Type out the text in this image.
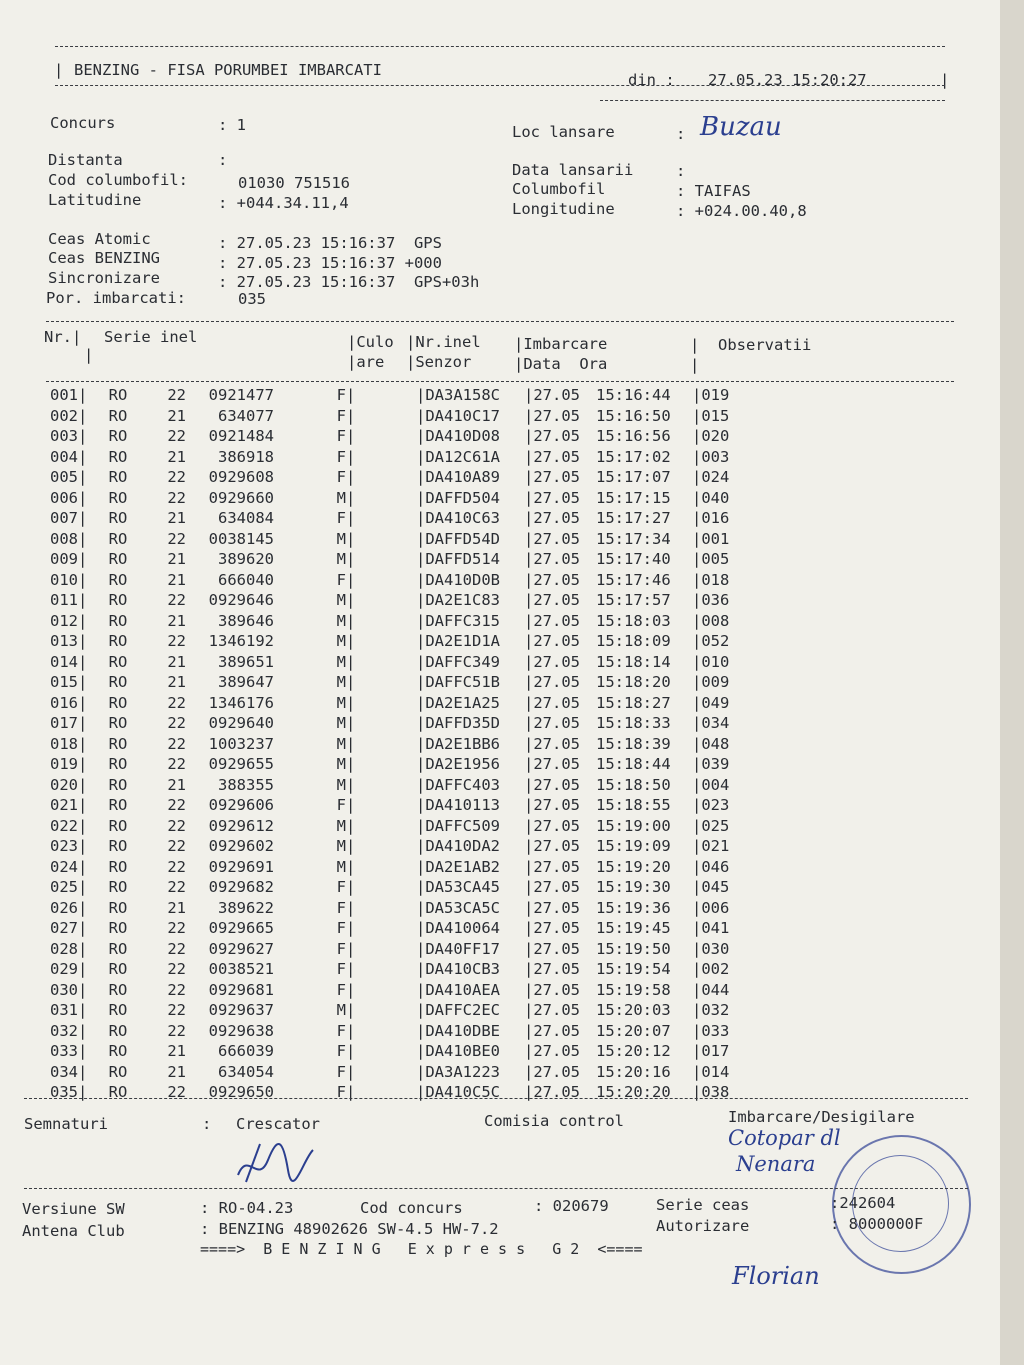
| BENZING - FISA PORUMBEI IMBARCATI
din : 27.05.23 15:20:27	|
Concurs	: 1	Loc lansare	: Buzau
Distanta	:
Data lansarii	:
Cod columbofil:	01030 751516	Columbofil	: TAIFAS
Latitudine	: +044.34.11,4	Longitudine	: +024.00.40,8
Ceas Atomic	: 27.05.23 15:16:37  GPS
Ceas BENZING	: 27.05.23 15:16:37 +000
Sincronizare	: 27.05.23 15:16:37  GPS+03h
Por. imbarcati:	035
Nr.| Serie inel
|
|Culo
|are
|Nr.inel
|Senzor
|Imbarcare
|Data  Ora
|  Observatii
|
001	|	RO	22	0921477	F	|		|DA3A158C	|27.05	15:16:44	|019
002	|	RO	21	634077	F	|		|DA410C17	|27.05	15:16:50	|015
003	|	RO	22	0921484	F	|		|DA410D08	|27.05	15:16:56	|020
004	|	RO	21	386918	F	|		|DA12C61A	|27.05	15:17:02	|003
005	|	RO	22	0929608	F	|		|DA410A89	|27.05	15:17:07	|024
006	|	RO	22	0929660	M	|		|DAFFD504	|27.05	15:17:15	|040
007	|	RO	21	634084	F	|		|DA410C63	|27.05	15:17:27	|016
008	|	RO	22	0038145	M	|		|DAFFD54D	|27.05	15:17:34	|001
009	|	RO	21	389620	M	|		|DAFFD514	|27.05	15:17:40	|005
010	|	RO	21	666040	F	|		|DA410D0B	|27.05	15:17:46	|018
011	|	RO	22	0929646	M	|		|DA2E1C83	|27.05	15:17:57	|036
012	|	RO	21	389646	M	|		|DAFFC315	|27.05	15:18:03	|008
013	|	RO	22	1346192	M	|		|DA2E1D1A	|27.05	15:18:09	|052
014	|	RO	21	389651	M	|		|DAFFC349	|27.05	15:18:14	|010
015	|	RO	21	389647	M	|		|DAFFC51B	|27.05	15:18:20	|009
016	|	RO	22	1346176	M	|		|DA2E1A25	|27.05	15:18:27	|049
017	|	RO	22	0929640	M	|		|DAFFD35D	|27.05	15:18:33	|034
018	|	RO	22	1003237	M	|		|DA2E1BB6	|27.05	15:18:39	|048
019	|	RO	22	0929655	M	|		|DA2E1956	|27.05	15:18:44	|039
020	|	RO	21	388355	M	|		|DAFFC403	|27.05	15:18:50	|004
021	|	RO	22	0929606	F	|		|DA410113	|27.05	15:18:55	|023
022	|	RO	22	0929612	M	|		|DAFFC509	|27.05	15:19:00	|025
023	|	RO	22	0929602	M	|		|DA410DA2	|27.05	15:19:09	|021
024	|	RO	22	0929691	M	|		|DA2E1AB2	|27.05	15:19:20	|046
025	|	RO	22	0929682	F	|		|DA53CA45	|27.05	15:19:30	|045
026	|	RO	21	389622	F	|		|DA53CA5C	|27.05	15:19:36	|006
027	|	RO	22	0929665	F	|		|DA410064	|27.05	15:19:45	|041
028	|	RO	22	0929627	F	|		|DA40FF17	|27.05	15:19:50	|030
029	|	RO	22	0038521	F	|		|DA410CB3	|27.05	15:19:54	|002
030	|	RO	22	0929681	F	|		|DA410AEA	|27.05	15:19:58	|044
031	|	RO	22	0929637	M	|		|DAFFC2EC	|27.05	15:20:03	|032
032	|	RO	22	0929638	F	|		|DA410DBE	|27.05	15:20:07	|033
033	|	RO	21	666039	F	|		|DA410BE0	|27.05	15:20:12	|017
034	|	RO	21	634054	F	|		|DA3A1223	|27.05	15:20:16	|014
035	|	RO	22	0929650	F	|		|DA410C5C	|27.05	15:20:20	|038
Semnaturi	: Crescator	Comisia control	Imbarcare/Desigilare
Cotopar dl
Nenara
Versiune SW	: RO-04.23	Cod concurs	: 020679	Serie ceas	:242604
Antena Club	: BENZING 48902626 SW-4.5 HW-7.2	Autorizare	: 8000000F
====>  B E N Z I N G   E x p r e s s   G 2  <====
Florian
